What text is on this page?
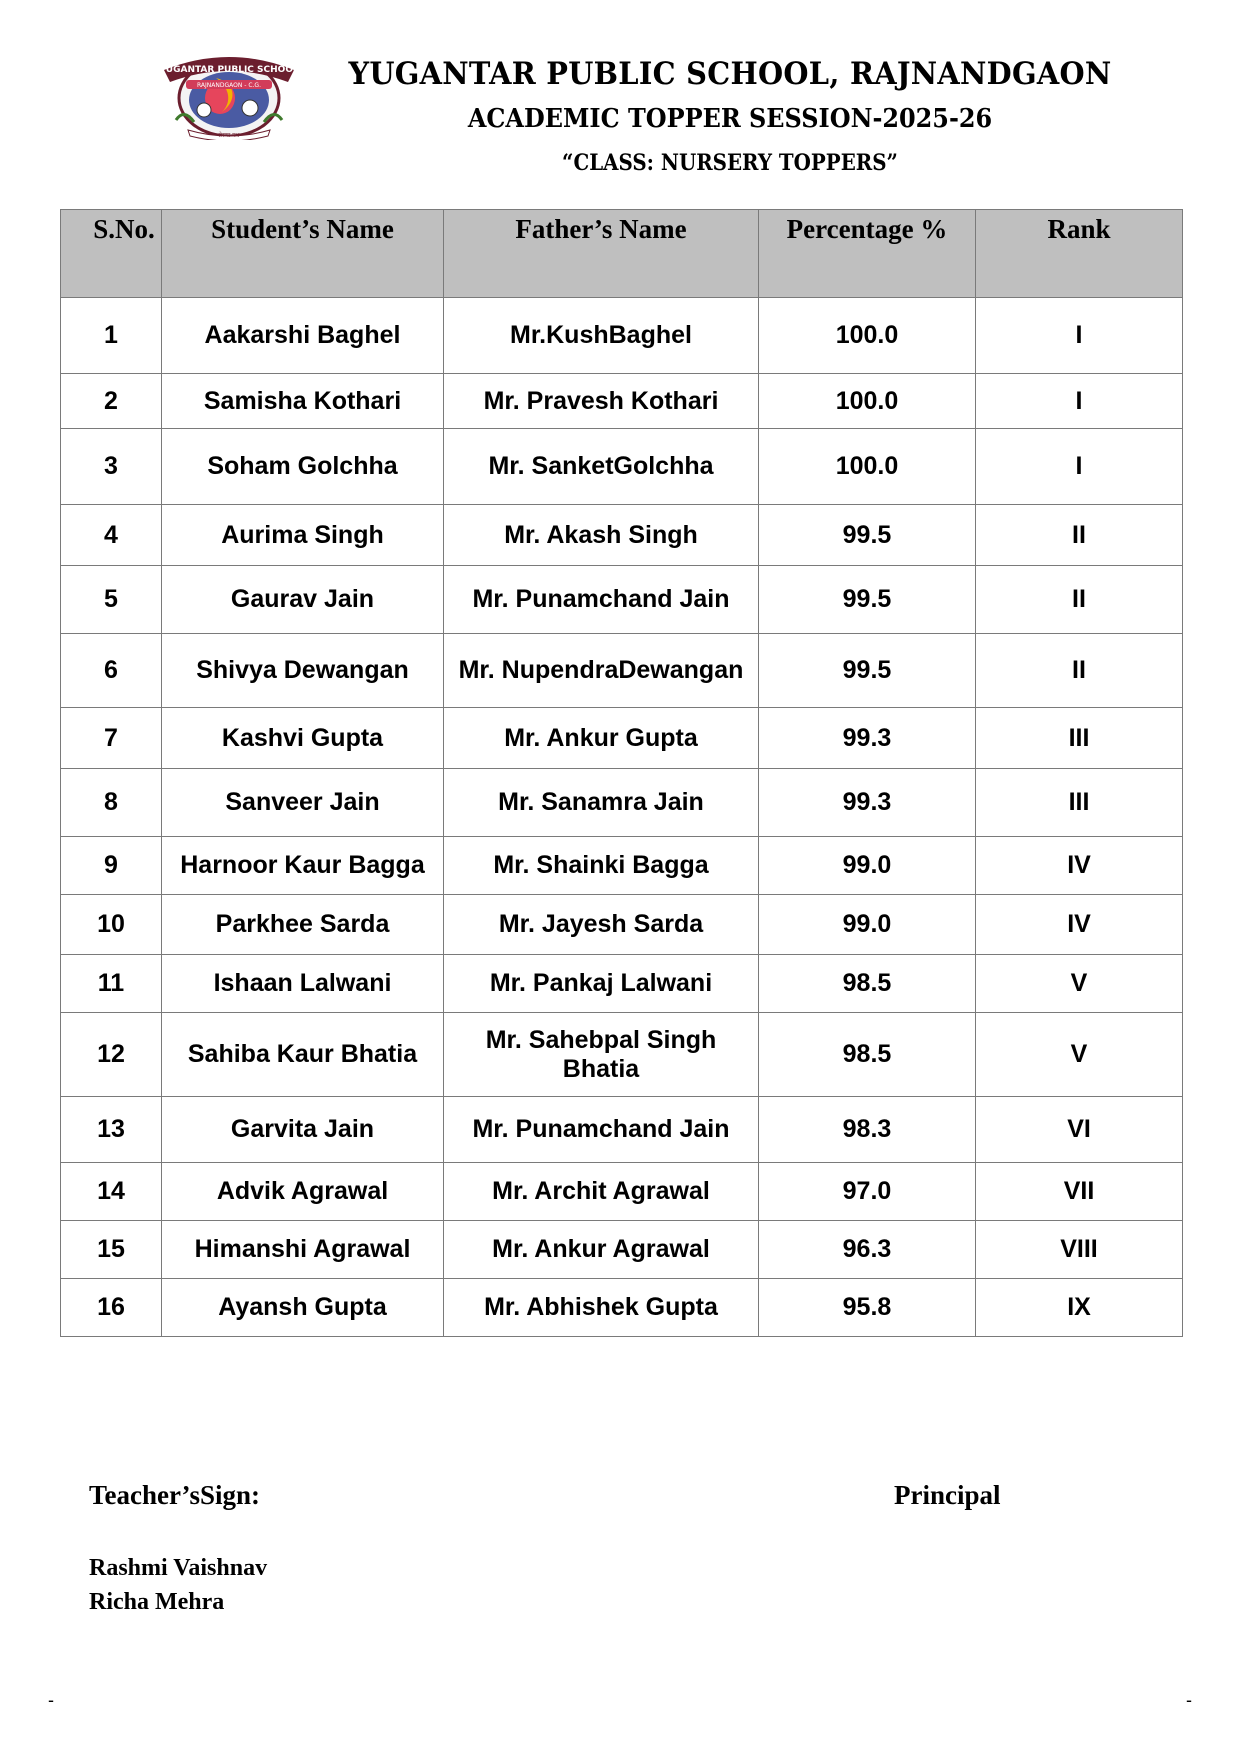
YUGANTAR PUBLIC SCHOOL
RAJNANDGAON - C.G.
प्रेरणा पथ
YUGANTAR PUBLIC SCHOOL, RAJNANDGAON
ACADEMIC TOPPER SESSION-2025-26
“CLASS: NURSERY TOPPERS”
S.No.	Student’s Name	Father’s Name	Percentage %	Rank
1	Aakarshi Baghel	Mr.KushBaghel	100.0	I
2	Samisha Kothari	Mr. Pravesh Kothari	100.0	I
3	Soham Golchha	Mr. SanketGolchha	100.0	I
4	Aurima Singh	Mr. Akash Singh	99.5	II
5	Gaurav Jain	Mr. Punamchand Jain	99.5	II
6	Shivya Dewangan	Mr. NupendraDewangan	99.5	II
7	Kashvi Gupta	Mr. Ankur Gupta	99.3	III
8	Sanveer Jain	Mr. Sanamra Jain	99.3	III
9	Harnoor Kaur Bagga	Mr. Shainki Bagga	99.0	IV
10	Parkhee Sarda	Mr. Jayesh Sarda	99.0	IV
11	Ishaan Lalwani	Mr. Pankaj Lalwani	98.5	V
12	Sahiba Kaur Bhatia	Mr. Sahebpal Singh Bhatia	98.5	V
13	Garvita Jain	Mr. Punamchand Jain	98.3	VI
14	Advik Agrawal	Mr. Archit Agrawal	97.0	VII
15	Himanshi Agrawal	Mr. Ankur Agrawal	96.3	VIII
16	Ayansh Gupta	Mr. Abhishek Gupta	95.8	IX
Teacher’sSign:	Principal
Rashmi Vaishnav
Richa Mehra
-	-
